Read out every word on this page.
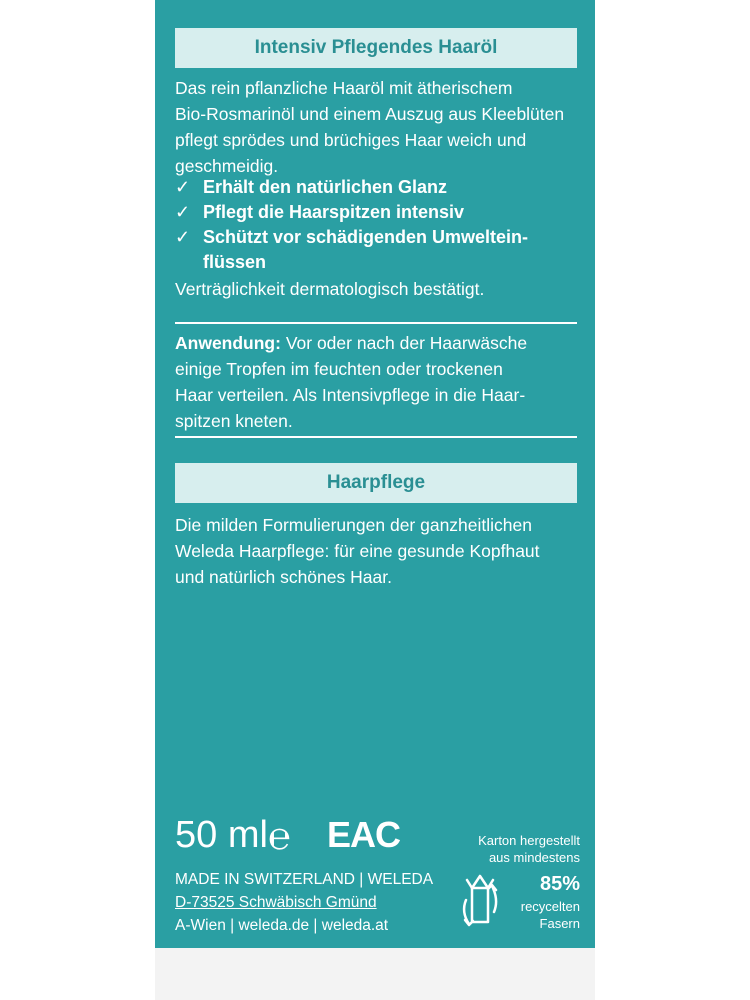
Intensiv Pflegendes Haaröl
Das rein pflanzliche Haaröl mit ätherischem
Bio-Rosmarinöl und einem Auszug aus Kleeblüten
pflegt sprödes und brüchiges Haar weich und
geschmeidig.
✓ Erhält den natürlichen Glanz
✓ Pflegt die Haarspitzen intensiv
✓ Schützt vor schädigenden Umweltein-
flüssen
Verträglichkeit dermatologisch bestätigt.
Anwendung: Vor oder nach der Haarwäsche
einige Tropfen im feuchten oder trockenen
Haar verteilen. Als Intensivpflege in die Haar-
spitzen kneten.
Haarpflege
Die milden Formulierungen der ganzheitlichen
Weleda Haarpflege: für eine gesunde Kopfhaut
und natürlich schönes Haar.
50 ml ℮ EAC
MADE IN SWITZERLAND | WELEDA
D-73525 Schwäbisch Gmünd
A-Wien | weleda.de | weleda.at
Karton hergestellt
aus mindestens
85%
recycelten
Fasern
